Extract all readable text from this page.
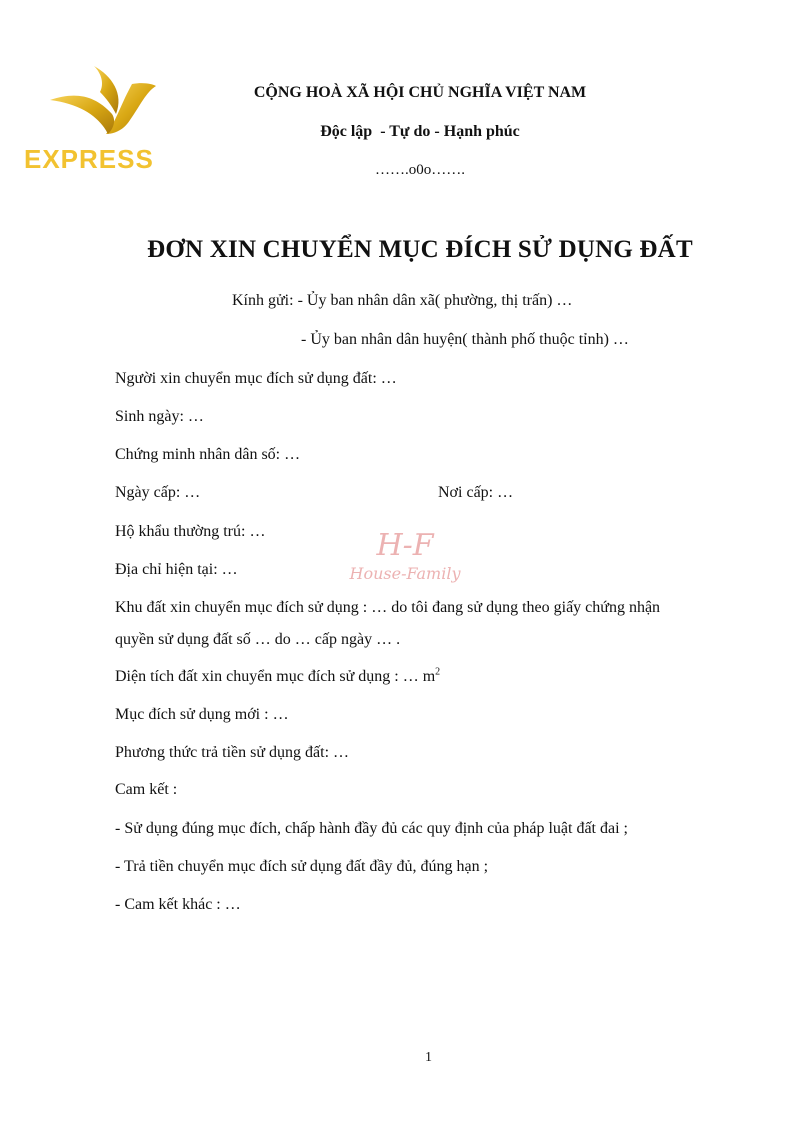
EXPRESS
CỘNG HOÀ XÃ HỘI CHỦ NGHĨA VIỆT NAM
Độc lập  - Tự do - Hạnh phúc
…….o0o…….
ĐƠN XIN CHUYỂN MỤC ĐÍCH SỬ DỤNG ĐẤT
Kính gửi: - Ủy ban nhân dân xã( phường, thị trấn) …
- Ủy ban nhân dân huyện( thành phố thuộc tỉnh) …
Người xin chuyển mục đích sử dụng đất: …
Sinh ngày: …
Chứng minh nhân dân số: …
Ngày cấp: …	Nơi cấp: …
Hộ khẩu thường trú: …
Địa chỉ hiện tại: …
Khu đất xin chuyển mục đích sử dụng : … do tôi đang sử dụng theo giấy chứng nhận
quyền sử dụng đất số … do … cấp ngày … .
Diện tích đất xin chuyển mục đích sử dụng : … $m^2$
Mục đích sử dụng mới : …
Phương thức trả tiền sử dụng đất: …
Cam kết :
- Sử dụng đúng mục đích, chấp hành đầy đủ các quy định của pháp luật đất đai ;
- Trả tiền chuyển mục đích sử dụng đất đầy đủ, đúng hạn ;
- Cam kết khác : …
H-F
House-Family
1
